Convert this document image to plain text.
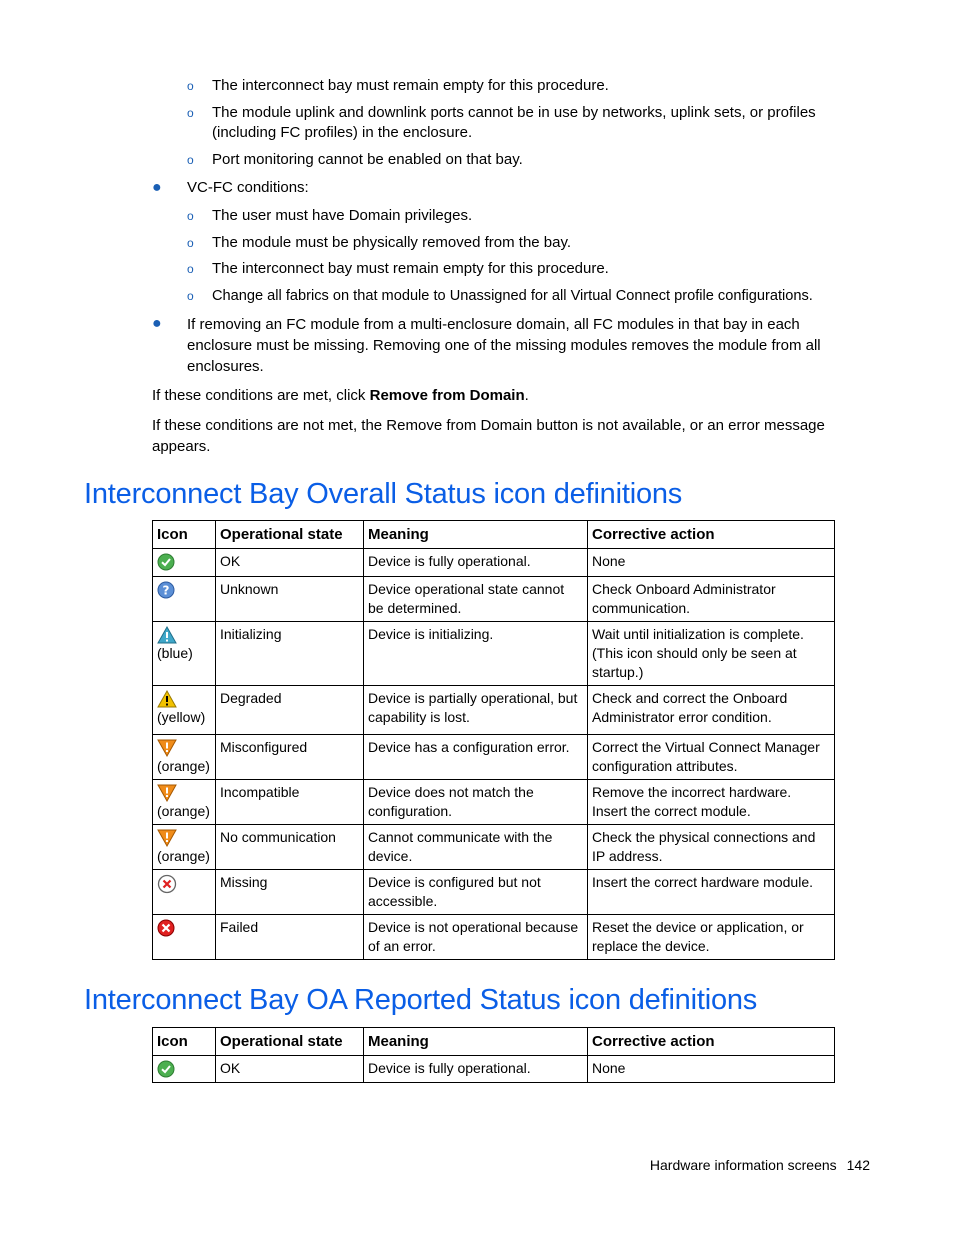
o The interconnect bay must remain empty for this procedure.
o The module uplink and downlink ports cannot be in use by networks, uplink sets, or profiles (including FC profiles) in the enclosure.
o Port monitoring cannot be enabled on that bay.
● VC-FC conditions:
o The user must have Domain privileges.
o The module must be physically removed from the bay.
o The interconnect bay must remain empty for this procedure.
o Change all fabrics on that module to Unassigned for all Virtual Connect profile configurations.
● If removing an FC module from a multi-enclosure domain, all FC modules in that bay in each enclosure must be missing. Removing one of the missing modules removes the module from all enclosures.

If these conditions are met, click Remove from Domain.

If these conditions are not met, the Remove from Domain button is not available, or an error message appears.

Interconnect Bay Overall Status icon definitions
Icon	Operational state	Meaning	Corrective action

	OK	Device is fully operational.	None

?	Unknown	Device operational state cannot be determined.	Check Onboard Administrator communication.

(blue)	Initializing	Device is initializing.	Wait until initialization is complete. (This icon should only be seen at startup.)

(yellow)	Degraded	Device is partially operational, but capability is lost.	Check and correct the Onboard Administrator error condition.

(orange)	Misconfigured	Device has a configuration error.	Correct the Virtual Connect Manager configuration attributes.

(orange)	Incompatible	Device does not match the configuration.	Remove the incorrect hardware. Insert the correct module.

(orange)	No communication	Cannot communicate with the device.	Check the physical connections and IP address.

	Missing	Device is configured but not accessible.	Insert the correct hardware module.

	Failed	Device is not operational because of an error.	Reset the device or application, or replace the device.
Interconnect Bay OA Reported Status icon definitions
Icon	Operational state	Meaning	Corrective action

	OK	Device is fully operational.	None
Hardware information screens 142
